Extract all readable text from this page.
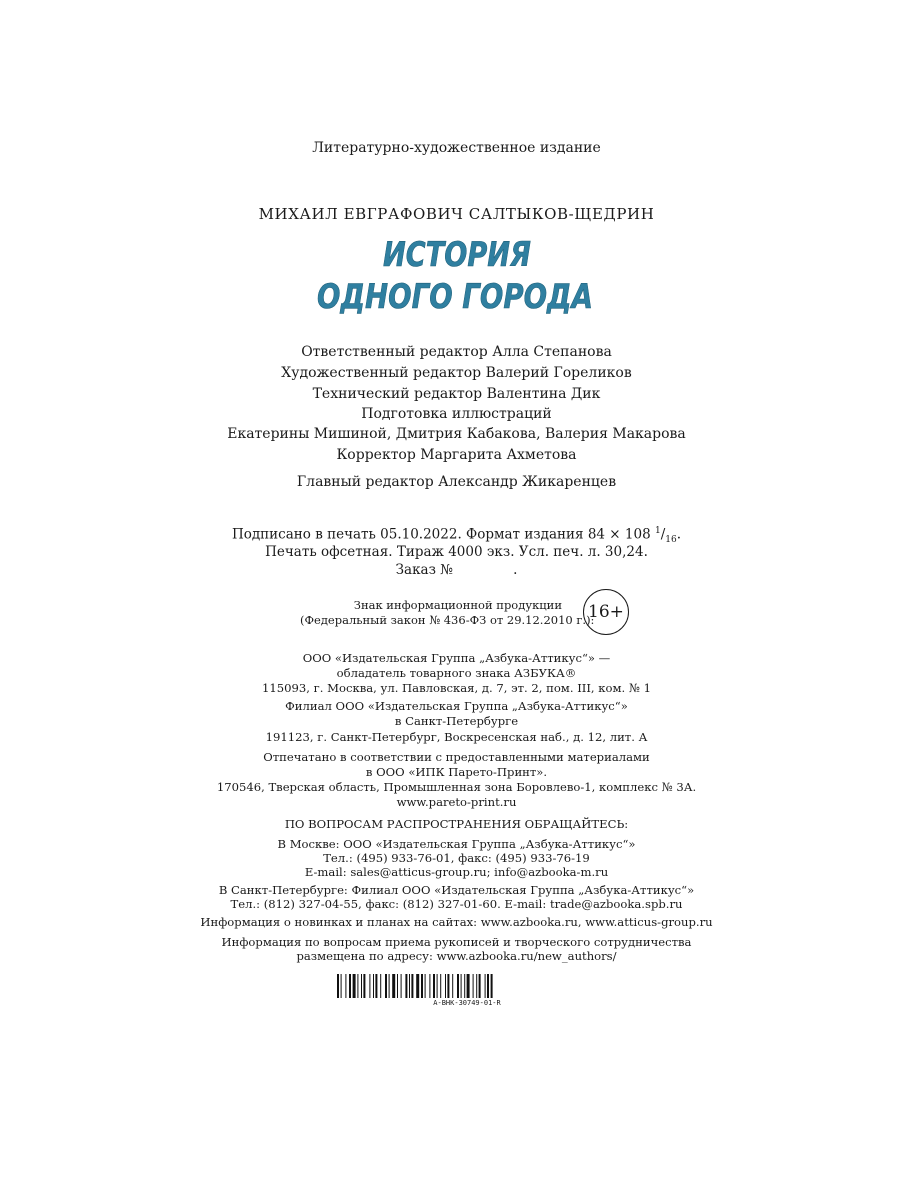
Литературно-художественное издание
МИХАИЛ ЕВГРАФОВИЧ САЛТЫКОВ-ЩЕДРИН
ИСТОРИЯ
ОДНОГО ГОРОДА
Ответственный редактор Алла Степанова
Художественный редактор Валерий Гореликов
Технический редактор Валентина Дик
Подготовка иллюстраций
Екатерины Мишиной, Дмитрия Кабакова, Валерия Макарова
Корректор Маргарита Ахметова
Главный редактор Александр Жикаренцев
Подписано в печать 05.10.2022. Формат издания 84 × 108 $^1/_{16}$.
Печать офсетная. Тираж 4000 экз. Усл. печ. л. 30,24.
Заказ №              .
Знак информационной продукции
(Федеральный закон № 436-ФЗ от 29.12.2010 г.):
16+
ООО «Издательская Группа „Азбука-Аттикус“» —
обладатель товарного знака АЗБУКА®
115093, г. Москва, ул. Павловская, д. 7, эт. 2, пом. III, ком. № 1
Филиал ООО «Издательская Группа „Азбука-Аттикус“»
в Санкт-Петербурге
191123, г. Санкт-Петербург, Воскресенская наб., д. 12, лит. А
Отпечатано в соответствии с предоставленными материалами
в ООО «ИПК Парето-Принт».
170546, Тверская область, Промышленная зона Боровлево-1, комплекс № 3А.
www.pareto-print.ru
ПО ВОПРОСАМ РАСПРОСТРАНЕНИЯ ОБРАЩАЙТЕСЬ:
В Москве: ООО «Издательская Группа „Азбука-Аттикус“»
Тел.: (495) 933-76-01, факс: (495) 933-76-19
E-mail: sales@atticus-group.ru; info@azbooka-m.ru
В Санкт-Петербурге: Филиал ООО «Издательская Группа „Азбука-Аттикус“»
Тел.: (812) 327-04-55, факс: (812) 327-01-60. E-mail: trade@azbooka.spb.ru
Информация о новинках и планах на сайтах: www.azbooka.ru, www.atticus-group.ru
Информация по вопросам приема рукописей и творческого сотрудничества
размещена по адресу: www.azbooka.ru/new_authors/
А-ВНК-30749-01-R
